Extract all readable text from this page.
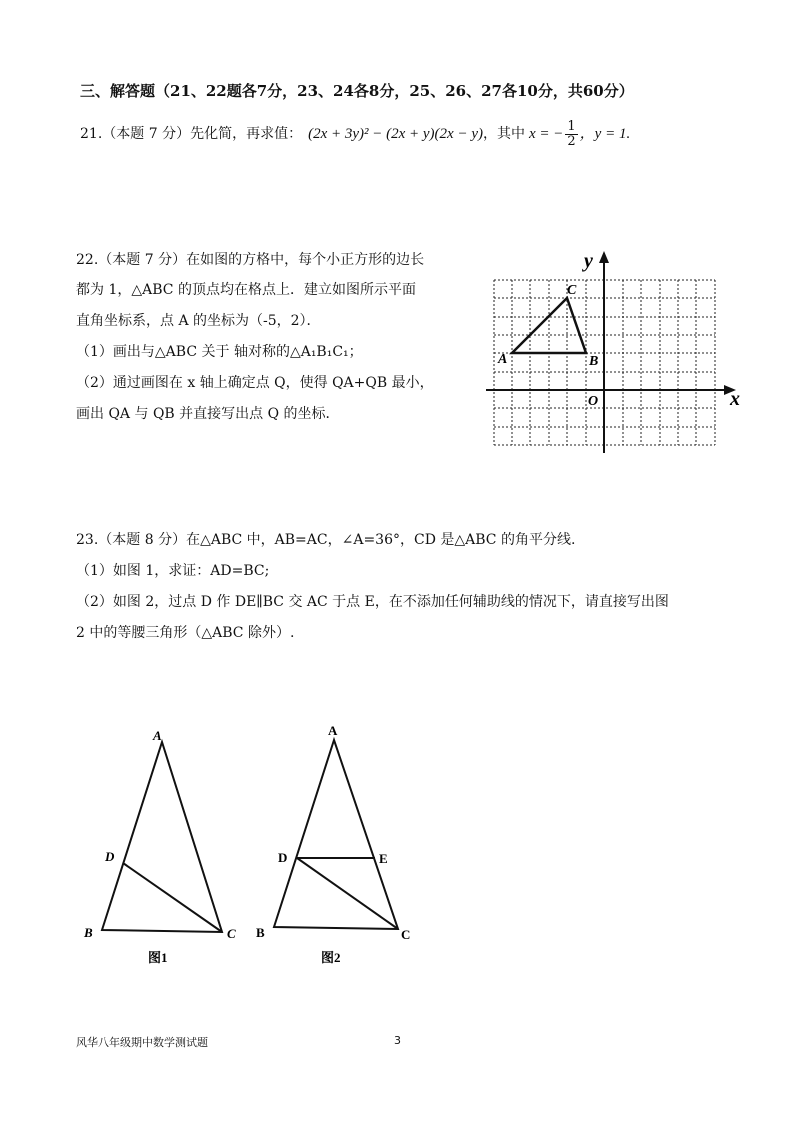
三、解答题（21、22题各7分，23、24各8分，25、26、27各10分，共60分）
21.（本题 7 分）先化简，再求值： (2x + 3y)² − (2x + y)(2x − y) ，其中 x = − $\frac{1}{2}$ ，y = 1.
22.（本题 7 分）在如图的方格中，每个小正方形的边长
都为 1，△ABC 的顶点均在格点上．建立如图所示平面
直角坐标系，点 A 的坐标为（-5，2）．
（1）画出与△ABC 关于 轴对称的△A₁B₁C₁；
（2）通过画图在 x 轴上确定点 Q，使得 QA+QB 最小，
画出 QA 与 QB 并直接写出点 Q 的坐标．
x
y
O
A	B
C
23.（本题 8 分）在△ABC 中，AB=AC，∠A=36°，CD 是△ABC 的角平分线.
（1）如图 1，求证：AD=BC;
（2）如图 2，过点 D 作 DE∥BC 交 AC 于点 E，在不添加任何辅助线的情况下，请直接写出图
2 中的等腰三角形（△ABC 除外）.
A
D
B	C
图1
A
D	E
B	C
图2
风华八年级期中数学测试题	3
